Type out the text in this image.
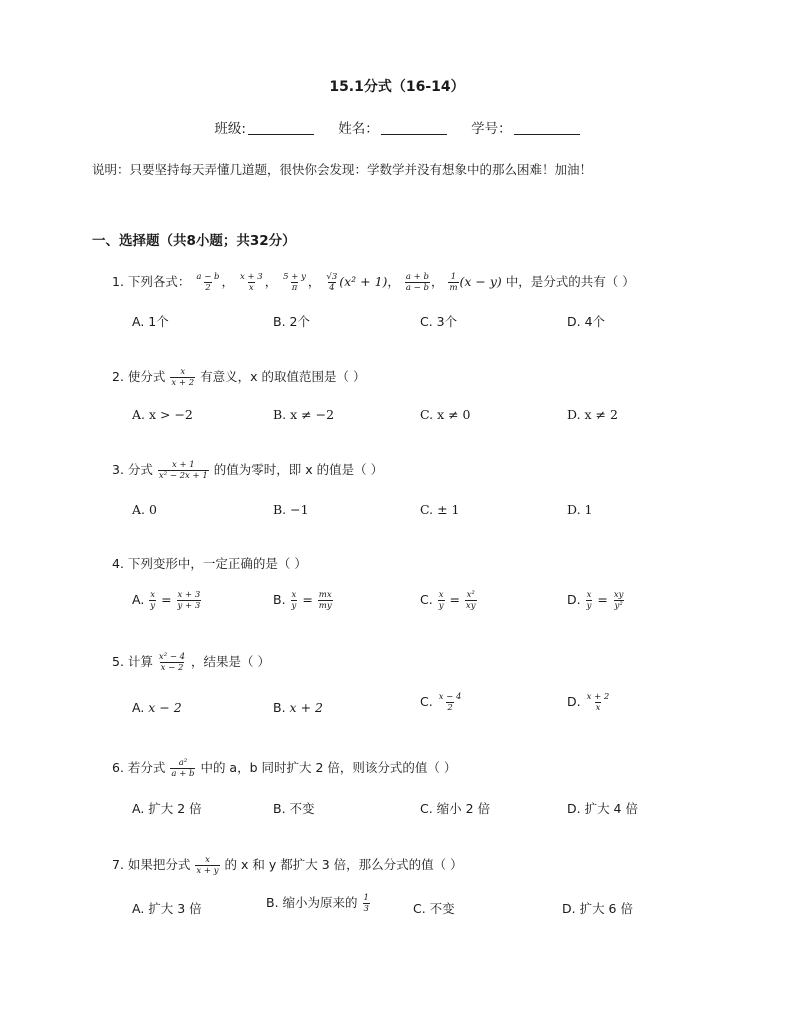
15.1分式（16-14）
班级:	姓名：	学号：
说明：只要坚持每天弄懂几道题，很快你会发现：学数学并没有想象中的那么困难！加油！
一、选择题（共8小题；共32分）
1. 下列各式： $\frac{a - b}{2}$ ， $\frac{x + 3}{x}$ ， $\frac{5 + y}{\pi}$ ， $\frac{√3}{4} (x^2 + 1)$， $\frac{a + b}{a - b}$ ， $\frac{1}{m} (x - y)$ 中，是分式的共有（ ）
A. 1个	B. 2个	C. 3个	D. 4个
2. 使分式 $\frac{x}{x + 2}$ 有意义，x 的取值范围是（ ）
A. x > −2	B. x ≠ −2	C. x ≠ 0	D. x ≠ 2
3. 分式 $\frac{x + 1}{\text{x² − 2x + 1}}$ 的值为零时，即 x 的值是（ ）
A. 0	B. −1	C. ± 1	D. 1
4. 下列变形中，一定正确的是（ ）
A. $\frac{x}{y} = \frac{x + 3}{y + 3}$	B. $\frac{x}{y} = \frac{mx}{my}$	C. $\frac{x}{y} = \frac{\text{x²}}{xy}$	D. $\frac{x}{y} = \frac{xy}{\text{y²}}$
5. 计算 $\frac{\text{x² − 4}}{x - 2}$ ，结果是（ ）
A. x − 2	B. x + 2	C. $\frac{x - 4}{2}$	D. $\frac{x + 2}{x}$
6. 若分式 $\frac{\text{a²}}{a + b}$ 中的 a，b 同时扩大 2 倍，则该分式的值（ ）
A. 扩大 2 倍	B. 不变	C. 缩小 2 倍	D. 扩大 4 倍
7. 如果把分式 $\frac{x}{x + y}$ 的 x 和 y 都扩大 3 倍，那么分式的值（ ）
A. 扩大 3 倍	B. 缩小为原来的 $\frac{1}{3}$	C. 不变	D. 扩大 6 倍
